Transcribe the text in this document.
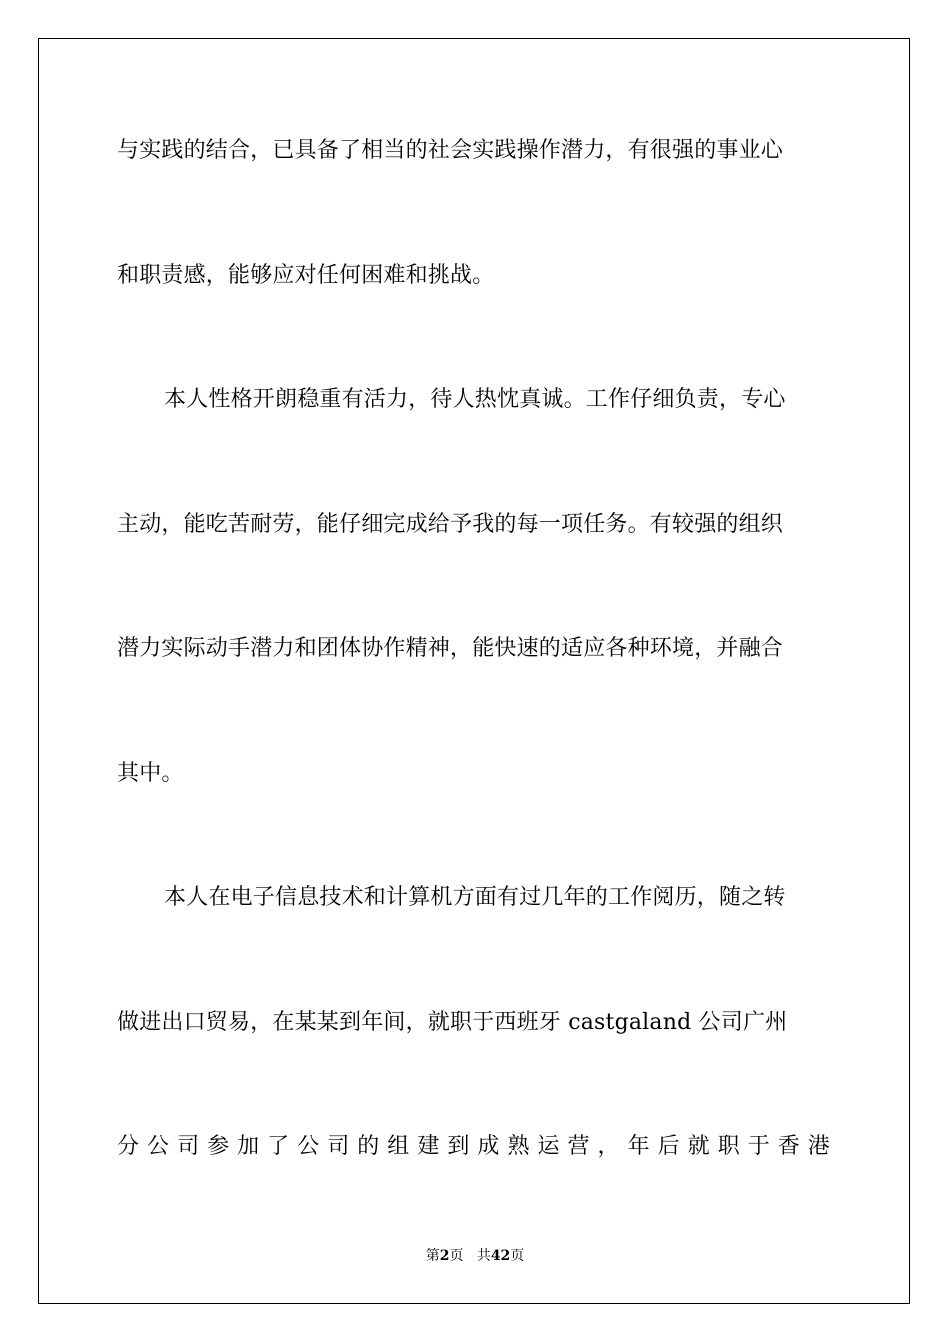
与实践的结合，已具备了相当的社会实践操作潜力，有很强的事业心
和职责感，能够应对任何困难和挑战。
本人性格开朗稳重有活力，待人热忱真诚。工作仔细负责，专心
主动，能吃苦耐劳，能仔细完成给予我的每一项任务。有较强的组织
潜力实际动手潜力和团体协作精神，能快速的适应各种环境，并融合
其中。
本人在电子信息技术和计算机方面有过几年的工作阅历，随之转
做进出口贸易，在某某到年间，就职于西班牙 castgaland 公司广州
分 公 司 参 加 了 公 司 的 组 建 到 成 熟 运 营 ， 年 后 就 职 于 香 港
第2页 共42页
